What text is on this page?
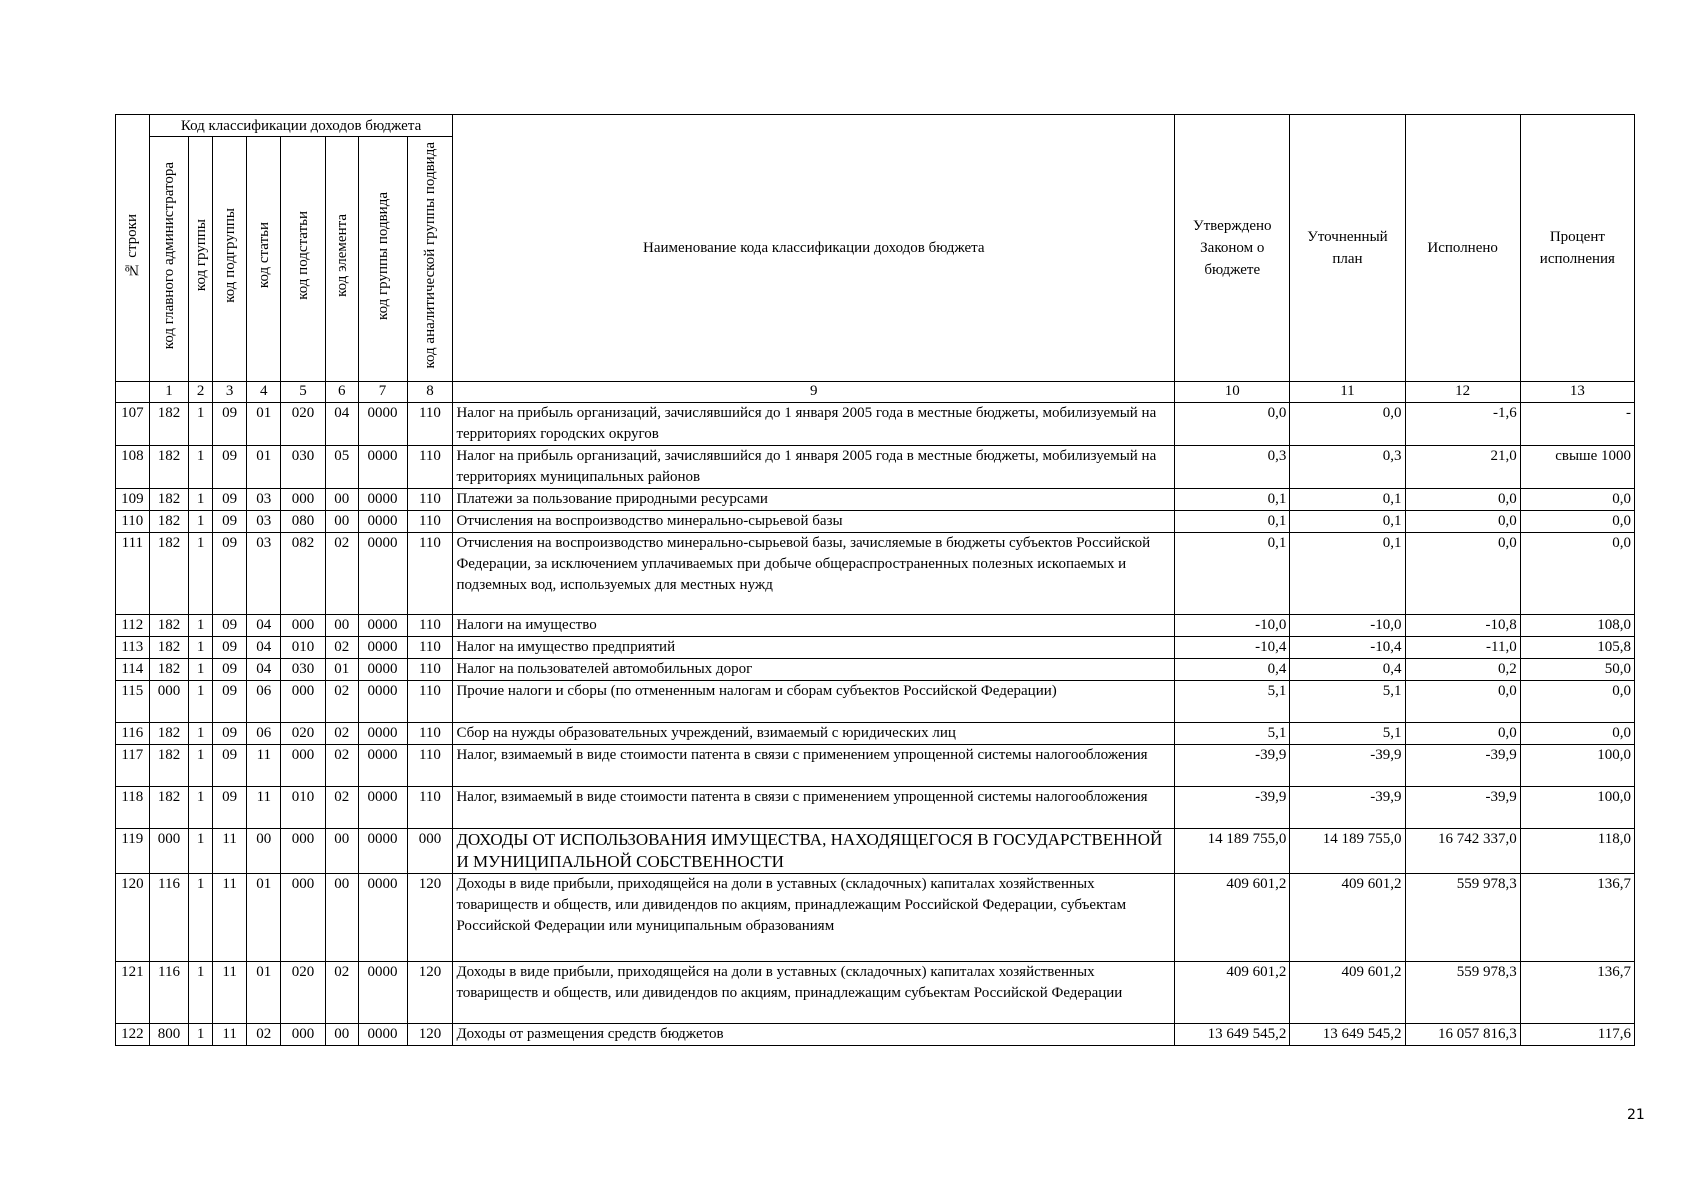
№ строки	Код классификации доходов бюджета								Наименование кода классификации доходов бюджета	Утверждено Законом о бюджете	Уточненный план	Исполнено	Процент исполнения
	код главного администратора	код группы	код подгруппы	код статьи	код подстатьи	код элемента	код группы подвида	код аналитической группы подвида					
	1	2	3	4	5	6	7	8	9	10	11	12	13
107	182	1	09	01	020	04	0000	110	Налог на прибыль организаций, зачислявшийся до 1 января 2005 года в местные бюджеты, мобилизуемый на территориях городских округов	0,0	0,0	-1,6	-
108	182	1	09	01	030	05	0000	110	Налог на прибыль организаций, зачислявшийся до 1 января 2005 года в местные бюджеты, мобилизуемый на территориях муниципальных районов	0,3	0,3	21,0	свыше 1000
109	182	1	09	03	000	00	0000	110	Платежи за пользование природными ресурсами	0,1	0,1	0,0	0,0
110	182	1	09	03	080	00	0000	110	Отчисления на воспроизводство минерально-сырьевой базы	0,1	0,1	0,0	0,0
111	182	1	09	03	082	02	0000	110	Отчисления на воспроизводство минерально-сырьевой базы, зачисляемые в бюджеты субъектов Российской Федерации, за исключением уплачиваемых при добыче общераспространенных полезных ископаемых и подземных вод, используемых для местных нужд	0,1	0,1	0,0	0,0
112	182	1	09	04	000	00	0000	110	Налоги на имущество	-10,0	-10,0	-10,8	108,0
113	182	1	09	04	010	02	0000	110	Налог на имущество предприятий	-10,4	-10,4	-11,0	105,8
114	182	1	09	04	030	01	0000	110	Налог на пользователей автомобильных дорог	0,4	0,4	0,2	50,0
115	000	1	09	06	000	02	0000	110	Прочие налоги и сборы (по отмененным налогам и сборам субъектов Российской Федерации)	5,1	5,1	0,0	0,0
116	182	1	09	06	020	02	0000	110	Сбор на нужды образовательных учреждений, взимаемый с юридических лиц	5,1	5,1	0,0	0,0
117	182	1	09	11	000	02	0000	110	Налог, взимаемый в виде стоимости патента в связи с применением упрощенной системы налогообложения	-39,9	-39,9	-39,9	100,0
118	182	1	09	11	010	02	0000	110	Налог, взимаемый в виде стоимости патента в связи с применением упрощенной системы налогообложения	-39,9	-39,9	-39,9	100,0
119	000	1	11	00	000	00	0000	000	ДОХОДЫ ОТ ИСПОЛЬЗОВАНИЯ ИМУЩЕСТВА, НАХОДЯЩЕГОСЯ В ГОСУДАРСТВЕННОЙ И МУНИЦИПАЛЬНОЙ СОБСТВЕННОСТИ	14 189 755,0	14 189 755,0	16 742 337,0	118,0
120	116	1	11	01	000	00	0000	120	Доходы в виде прибыли, приходящейся на доли в уставных (складочных) капиталах хозяйственных товариществ и обществ, или дивидендов по акциям, принадлежащим Российской Федерации, субъектам Российской Федерации или муниципальным образованиям	409 601,2	409 601,2	559 978,3	136,7
121	116	1	11	01	020	02	0000	120	Доходы в виде прибыли, приходящейся на доли в уставных (складочных) капиталах хозяйственных товариществ и обществ, или дивидендов по акциям, принадлежащим субъектам Российской Федерации	409 601,2	409 601,2	559 978,3	136,7
122	800	1	11	02	000	00	0000	120	Доходы от размещения средств бюджетов	13 649 545,2	13 649 545,2	16 057 816,3	117,6
21
